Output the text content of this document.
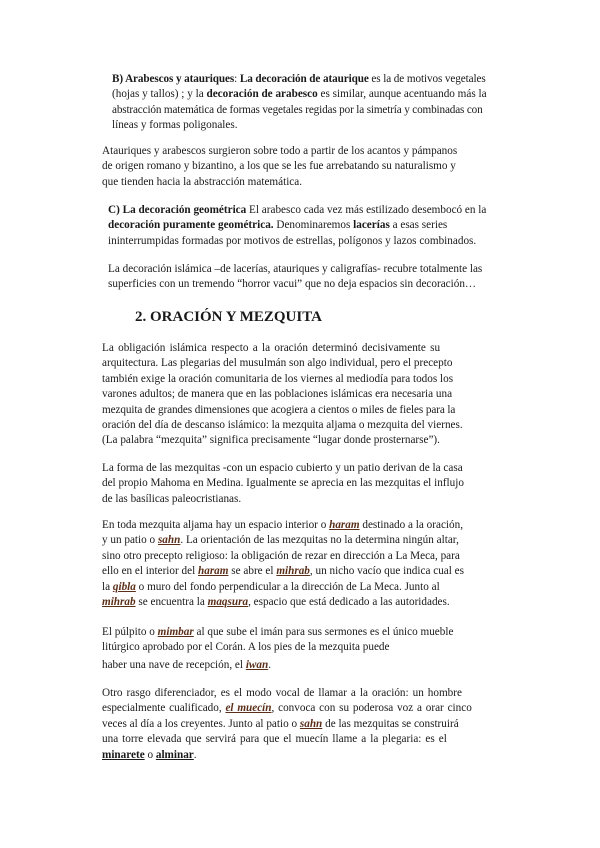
B) Arabescos y atauriques: La decoración de ataurique es la de motivos vegetales
(hojas y tallos) ; y la decoración de arabesco es similar, aunque acentuando más la
abstracción matemática de formas vegetales regidas por la simetría y combinadas con
líneas y formas poligonales.
Atauriques y arabescos surgieron sobre todo a partir de los acantos y pámpanos
de origen romano y bizantino, a los que se les fue arrebatando su naturalismo y
que tienden hacia la abstracción matemática.
C) La decoración geométrica El arabesco cada vez más estilizado desembocó en la
decoración puramente geométrica. Denominaremos lacerías a esas series
ininterrumpidas formadas por motivos de estrellas, polígonos y lazos combinados.
La decoración islámica –de lacerías, atauriques y caligrafías- recubre totalmente las
superficies con un tremendo “horror vacui” que no deja espacios sin decoración…
2. ORACIÓN Y MEZQUITA
La obligación islámica respecto a la oración determinó decisivamente su
arquitectura. Las plegarias del musulmán son algo individual, pero el precepto
también exige la oración comunitaria de los viernes al mediodía para todos los
varones adultos; de manera que en las poblaciones islámicas era necesaria una
mezquita de grandes dimensiones que acogiera a cientos o miles de fieles para la
oración del día de descanso islámico: la mezquita aljama o mezquita del viernes.
(La palabra “mezquita” significa precisamente “lugar donde prosternarse”).
La forma de las mezquitas -con un espacio cubierto y un patio derivan de la casa
del propio Mahoma en Medina. Igualmente se aprecia en las mezquitas el influjo
de las basílicas paleocristianas.
En toda mezquita aljama hay un espacio interior o haram destinado a la oración,
y un patio o sahn. La orientación de las mezquitas no la determina ningún altar,
sino otro precepto religioso: la obligación de rezar en dirección a La Meca, para
ello en el interior del haram se abre el mihrab, un nicho vacío que indica cual es
la qibla o muro del fondo perpendicular a la dirección de La Meca. Junto al
mihrab se encuentra la maqsura, espacio que está dedicado a las autoridades.
El púlpito o mimbar al que sube el imán para sus sermones es el único mueble
litúrgico aprobado por el Corán. A los pies de la mezquita puede
haber una nave de recepción, el iwan.
Otro rasgo diferenciador, es el modo vocal de llamar a la oración: un hombre
especialmente cualificado, el muecín, convoca con su poderosa voz a orar cinco
veces al día a los creyentes. Junto al patio o sahn de las mezquitas se construirá
una torre elevada que servirá para que el muecín llame a la plegaria: es el
minarete o alminar.
